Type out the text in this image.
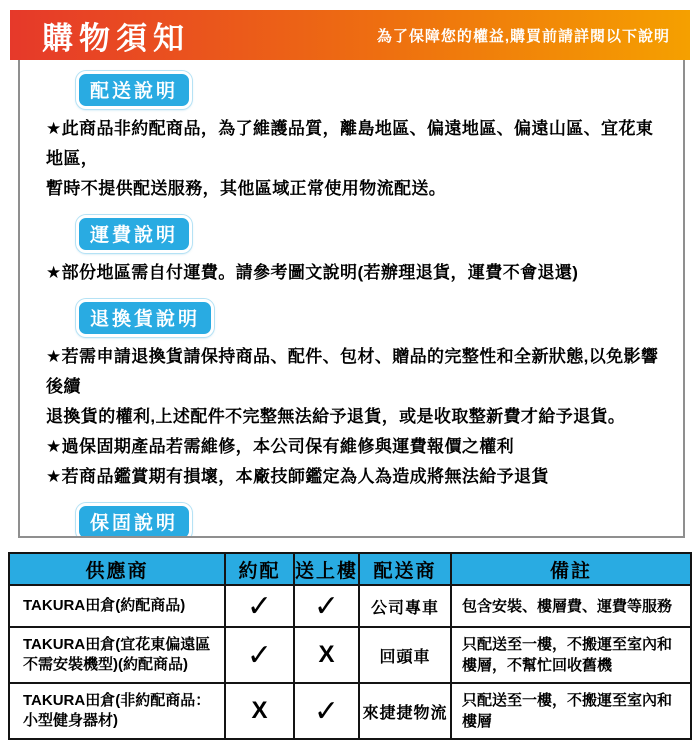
購物須知	為了保障您的權益,購買前請詳閱以下說明
配送說明
★此商品非約配商品，為了維護品質，離島地區、偏遠地區、偏遠山區、宜花東地區，
暫時不提供配送服務，其他區域正常使用物流配送。
運費說明
★部份地區需自付運費。請參考圖文說明(若辦理退貨，運費不會退還)
退換貨說明
★若需申請退換貨請保持商品、配件、包材、贈品的完整性和全新狀態,以免影響後續
退換貨的權利,上述配件不完整無法給予退貨，或是收取整新費才給予退貨。
★過保固期產品若需維修，本公司保有維修與運費報價之權利
★若商品鑑賞期有損壞，本廠技師鑑定為人為造成將無法給予退貨
保固說明
供應商	約配	送上樓	配送商	備註
TAKURA田倉(約配商品)	✓	✓	公司專車	包含安裝、樓層費、運費等服務
TAKURA田倉(宜花東偏遠區不需安裝機型)(約配商品)	✓	X	回頭車	只配送至一樓，不搬運至室內和樓層，不幫忙回收舊機
TAKURA田倉(非約配商品：小型健身器材)	X	✓	來捷捷物流	只配送至一樓，不搬運至室內和樓層
